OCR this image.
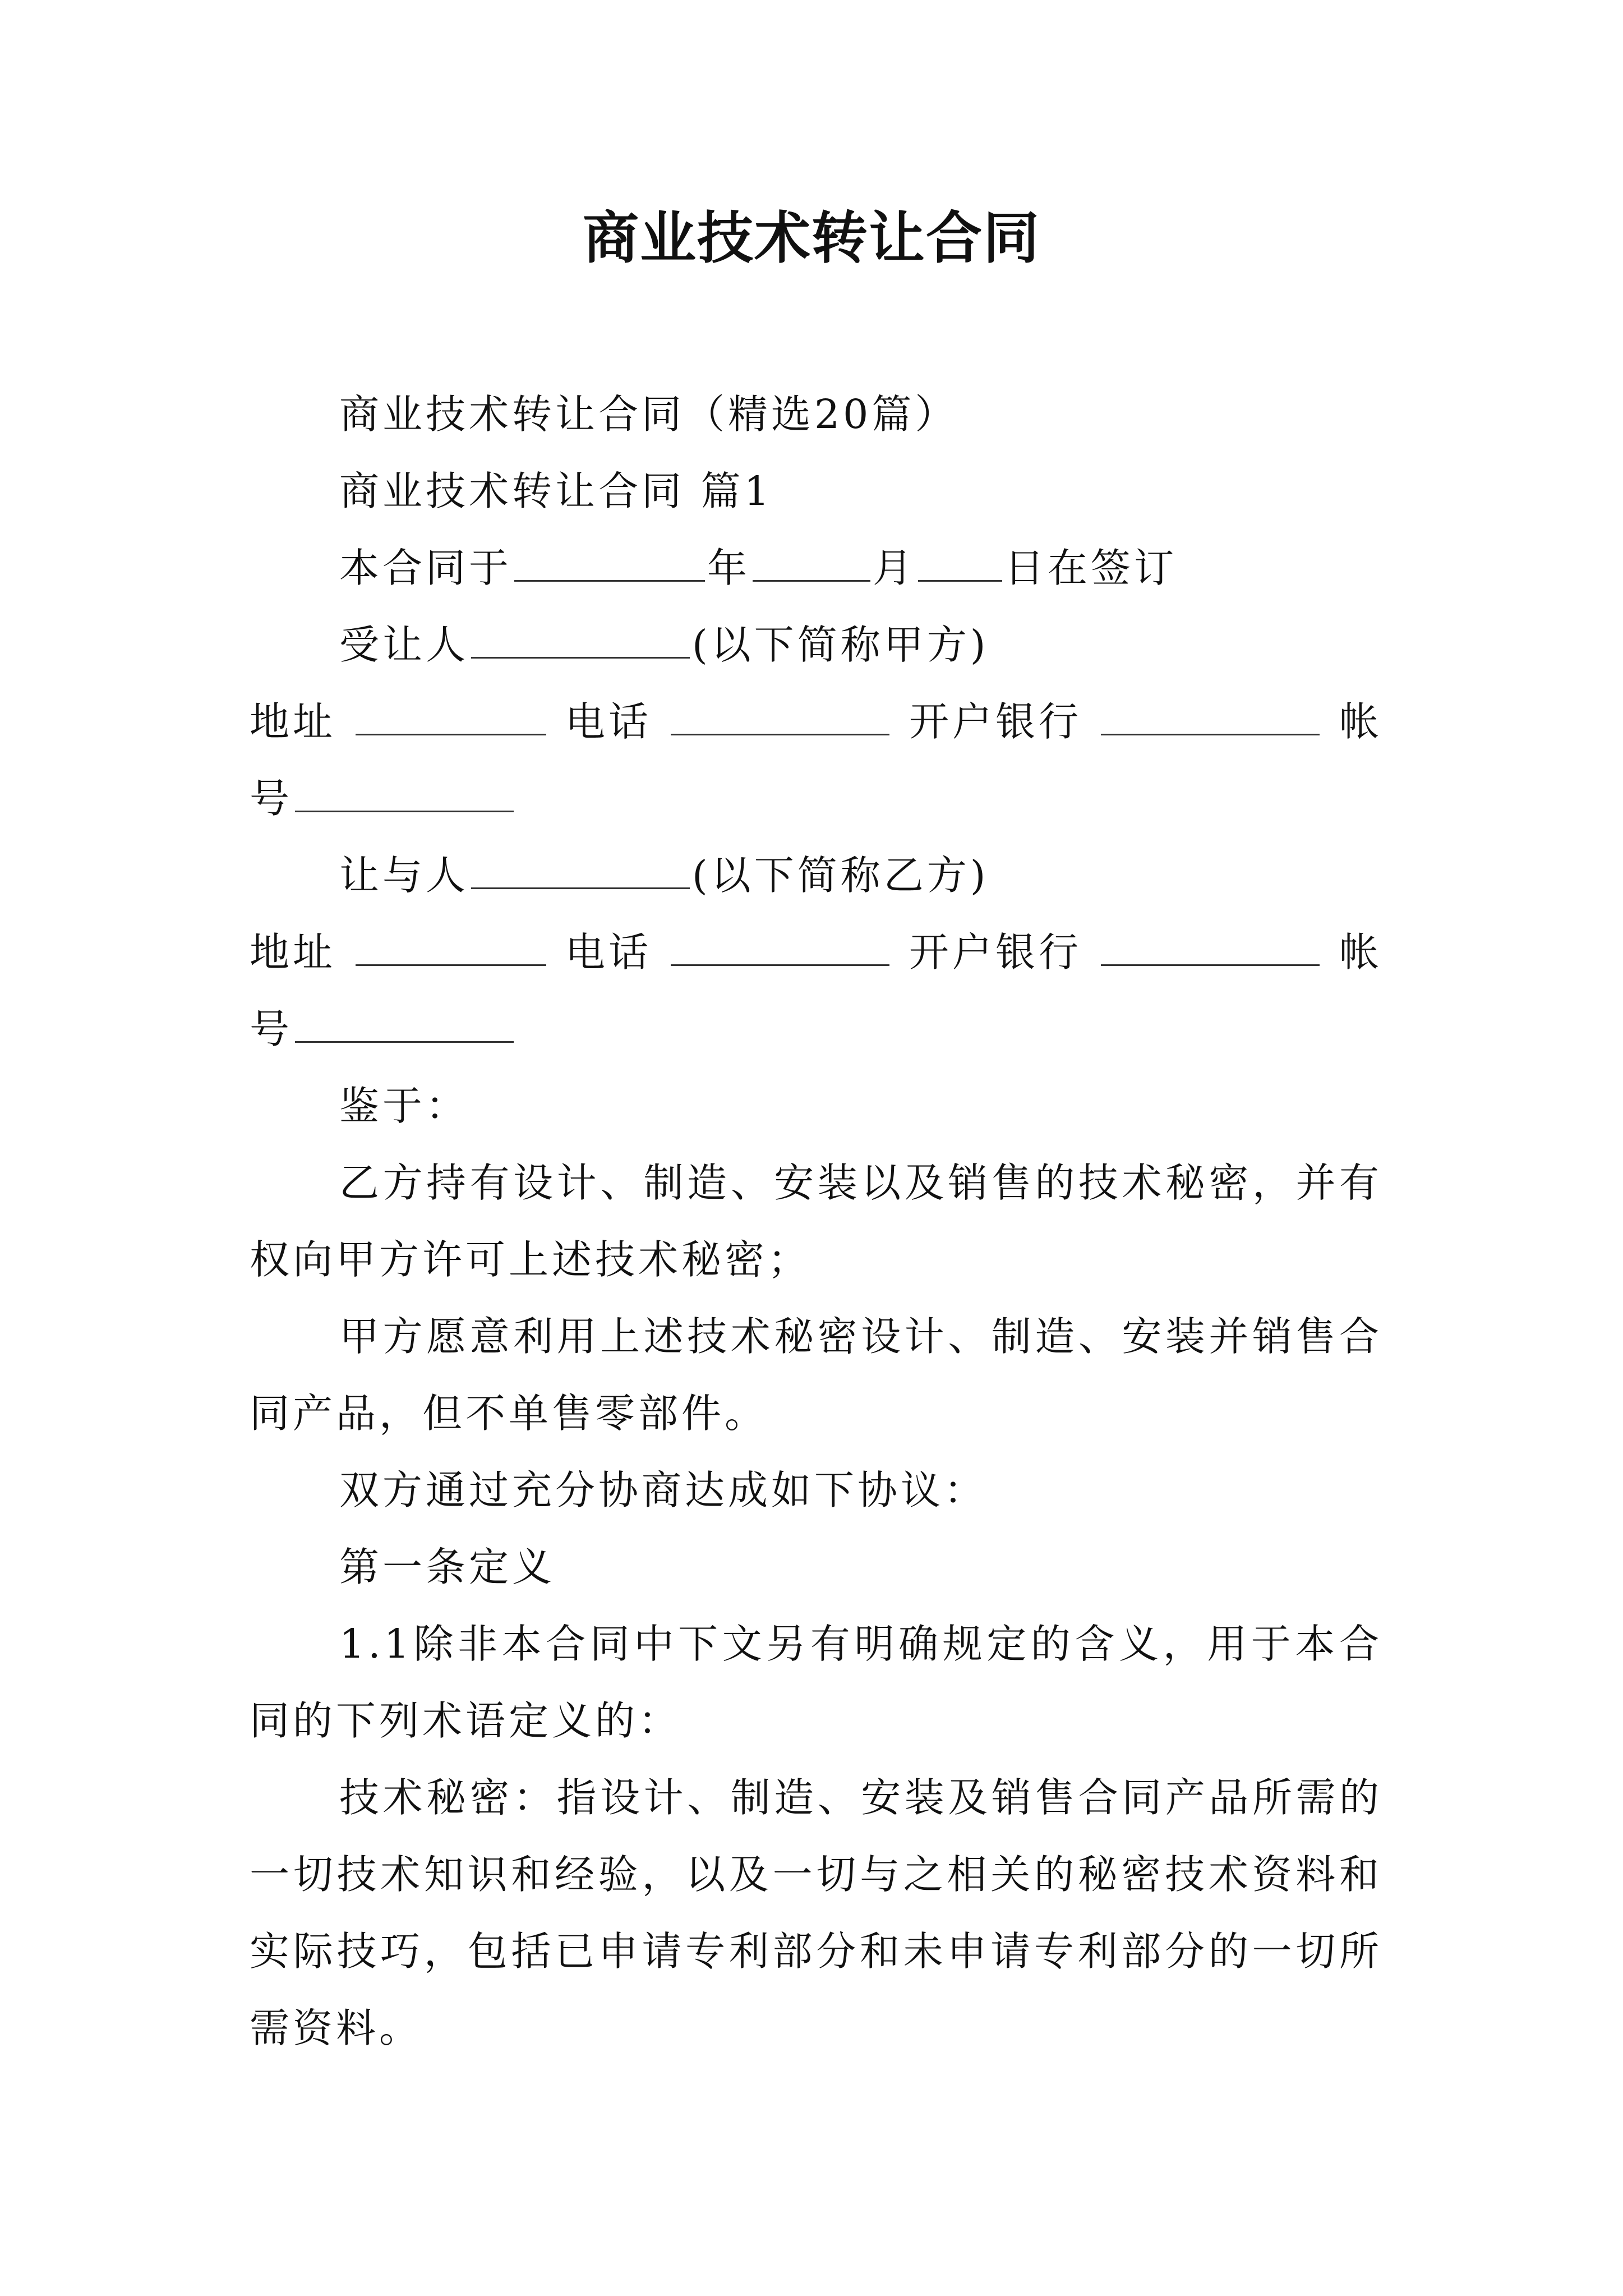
商业技术转让合同

商业技术转让合同（精选20篇）

商业技术转让合同 篇1

本合同于	年	月 日在签订

受让人	(以下简称甲方)

地址	电话	开户银行	帐

号

让与人	(以下简称乙方)

地址	电话	开户银行	帐

号

鉴于：

乙方持有设计、制造、安装以及销售的技术秘密，并有权向甲方许可上述技术秘密；

甲方愿意利用上述技术秘密设计、制造、安装并销售合同产品，但不单售零部件。

双方通过充分协商达成如下协议：

第一条定义

1.1除非本合同中下文另有明确规定的含义，用于本合同的下列术语定义的：

技术秘密：指设计、制造、安装及销售合同产品所需的一切技术知识和经验，以及一切与之相关的秘密技术资料和实际技巧，包括已申请专利部分和未申请专利部分的一切所需资料。
